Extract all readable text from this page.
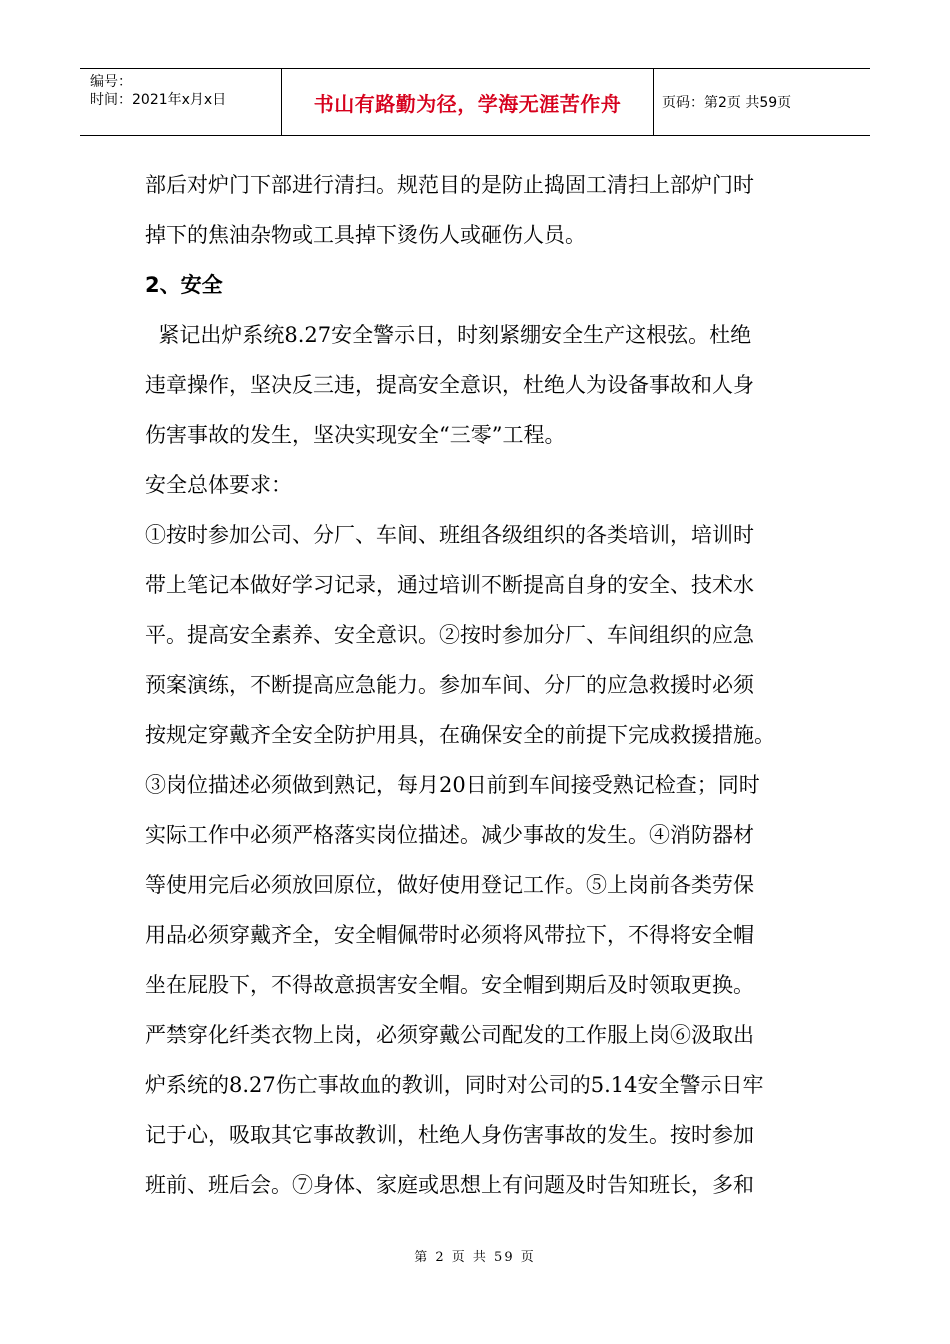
编号：
时间：2021年x月x日	书山有路勤为径，学海无涯苦作舟	页码：第2页 共59页

部后对炉门下部进行清扫。规范目的是防止捣固工清扫上部炉门时

掉下的焦油杂物或工具掉下烫伤人或砸伤人员。

2、安全

紧记出炉系统8.27安全警示日，时刻紧绷安全生产这根弦。杜绝

违章操作，坚决反三违，提高安全意识，杜绝人为设备事故和人身

伤害事故的发生，坚决实现安全“三零”工程。

安全总体要求：

①按时参加公司、分厂、车间、班组各级组织的各类培训，培训时

带上笔记本做好学习记录，通过培训不断提高自身的安全、技术水

平。提高安全素养、安全意识。②按时参加分厂、车间组织的应急

预案演练，不断提高应急能力。参加车间、分厂的应急救援时必须

按规定穿戴齐全安全防护用具，在确保安全的前提下完成救援措施。

③岗位描述必须做到熟记，每月20日前到车间接受熟记检查；同时

实际工作中必须严格落实岗位描述。减少事故的发生。④消防器材

等使用完后必须放回原位，做好使用登记工作。⑤上岗前各类劳保

用品必须穿戴齐全，安全帽佩带时必须将风带拉下，不得将安全帽

坐在屁股下，不得故意损害安全帽。安全帽到期后及时领取更换。

严禁穿化纤类衣物上岗，必须穿戴公司配发的工作服上岗⑥汲取出

炉系统的8.27伤亡事故血的教训，同时对公司的5.14安全警示日牢

记于心，吸取其它事故教训，杜绝人身伤害事故的发生。按时参加

班前、班后会。⑦身体、家庭或思想上有问题及时告知班长，多和

第 2 页 共 59 页
